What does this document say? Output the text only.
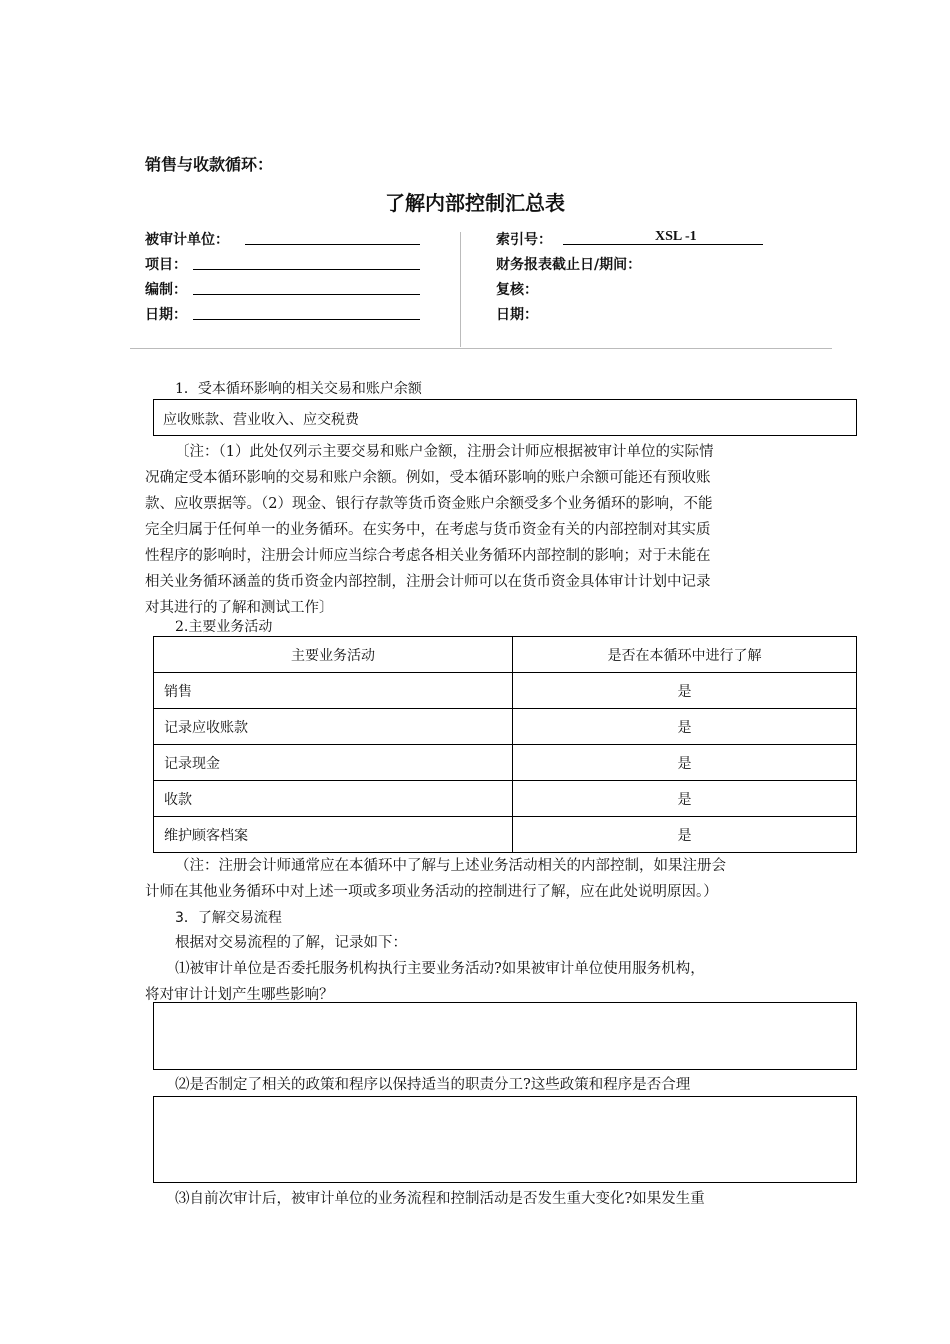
销售与收款循环：
了解内部控制汇总表
被审计单位：
项目：
编制：
日期：
索引号：	XSL -1
财务报表截止日/期间：
复核：
日期：
1．受本循环影响的相关交易和账户余额
应收账款、营业收入、应交税费
〔注：（1）此处仅列示主要交易和账户金额，注册会计师应根据被审计单位的实际情
况确定受本循环影响的交易和账户余额。例如，受本循环影响的账户余额可能还有预收账
款、应收票据等。（2）现金、银行存款等货币资金账户余额受多个业务循环的影响，不能
完全归属于任何单一的业务循环。在实务中，在考虑与货币资金有关的内部控制对其实质
性程序的影响时，注册会计师应当综合考虑各相关业务循环内部控制的影响；对于未能在
相关业务循环涵盖的货币资金内部控制，注册会计师可以在货币资金具体审计计划中记录
对其进行的了解和测试工作〕
2.主要业务活动
主要业务活动	是否在本循环中进行了解
销售	是
记录应收账款	是
记录现金	是
收款	是
维护顾客档案	是
（注：注册会计师通常应在本循环中了解与上述业务活动相关的内部控制，如果注册会
计师在其他业务循环中对上述一项或多项业务活动的控制进行了解，应在此处说明原因。）
3．了解交易流程
根据对交易流程的了解，记录如下：
⑴被审计单位是否委托服务机构执行主要业务活动?如果被审计单位使用服务机构，
将对审计计划产生哪些影响？
⑵是否制定了相关的政策和程序以保持适当的职责分工?这些政策和程序是否合理
⑶自前次审计后，被审计单位的业务流程和控制活动是否发生重大变化?如果发生重
